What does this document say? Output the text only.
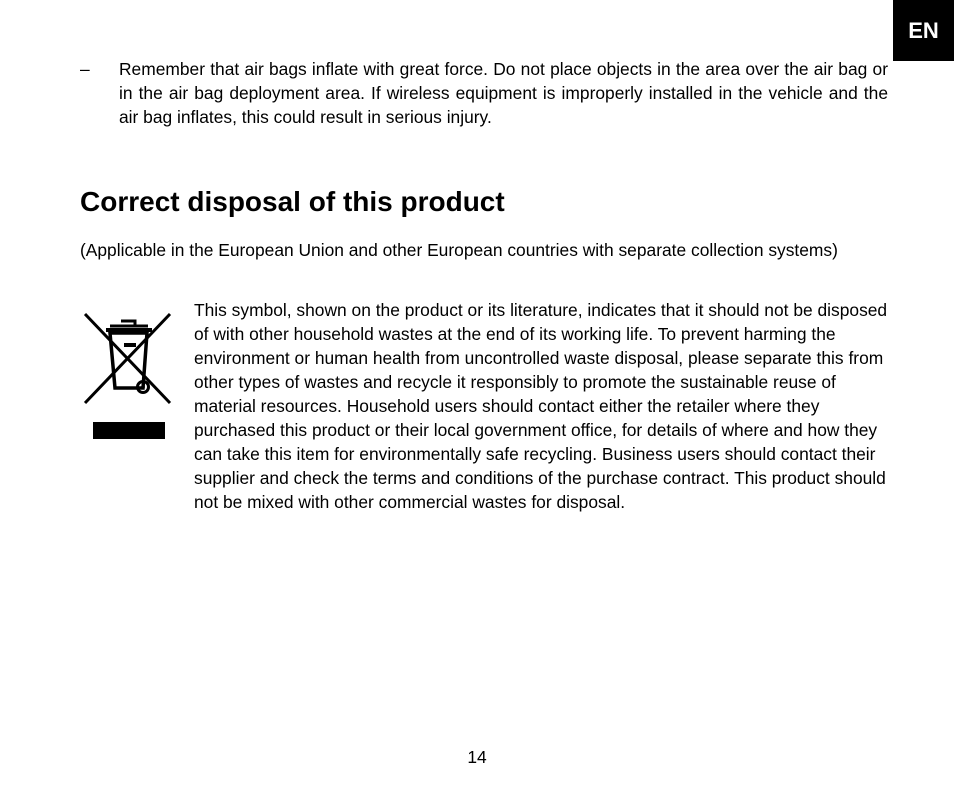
EN
– Remember that air bags inflate with great force. Do not place objects in the area over the air bag or in the air bag deployment area. If wireless equipment is improperly installed in the vehicle and the air bag inflates, this could result in serious injury.
Correct disposal of this product
(Applicable in the European Union and other European countries with separate collection systems)
This symbol, shown on the product or its literature, indicates that it should not be disposed of with other household wastes at the end of its working life. To prevent harming the environment or human health from uncontrolled waste disposal, please separate this from other types of wastes and recycle it responsibly to promote the sustainable reuse of material resources. Household users should contact either the retailer where they purchased this product or their local government office, for details of where and how they can take this item for environmentally safe recycling. Business users should contact their supplier and check the terms and conditions of the purchase contract. This product should not be mixed with other commercial wastes for disposal.
14
